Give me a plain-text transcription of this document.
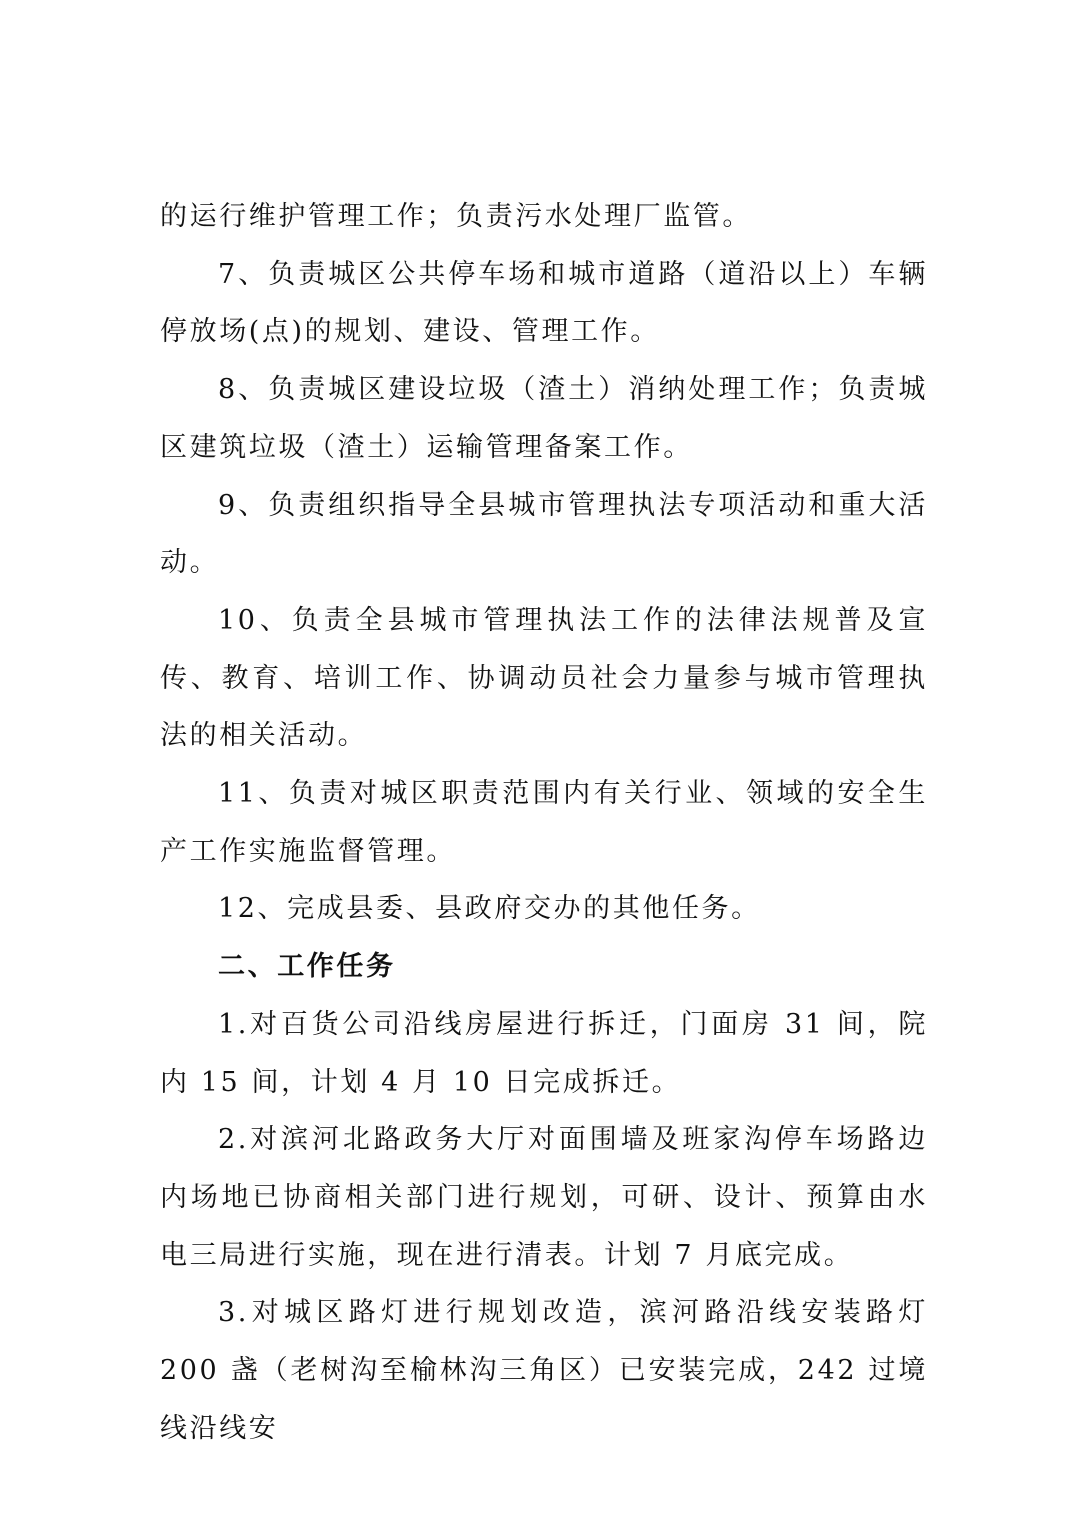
的运行维护管理工作；负责污水处理厂监管。

7、负责城区公共停车场和城市道路（道沿以上）车辆停放场(点)的规划、建设、管理工作。

8、负责城区建设垃圾（渣土）消纳处理工作；负责城区建筑垃圾（渣土）运输管理备案工作。

9、负责组织指导全县城市管理执法专项活动和重大活动。

10、负责全县城市管理执法工作的法律法规普及宣传、教育、培训工作、协调动员社会力量参与城市管理执法的相关活动。

11、负责对城区职责范围内有关行业、领域的安全生产工作实施监督管理。

12、完成县委、县政府交办的其他任务。

二、工作任务

1.对百货公司沿线房屋进行拆迁，门面房 31 间，院内 15 间，计划 4 月 10 日完成拆迁。

2.对滨河北路政务大厅对面围墙及班家沟停车场路边内场地已协商相关部门进行规划，可研、设计、预算由水电三局进行实施，现在进行清表。计划 7 月底完成。

3.对城区路灯进行规划改造，滨河路沿线安装路灯 200 盏（老树沟至榆林沟三角区）已安装完成，242 过境线沿线安
